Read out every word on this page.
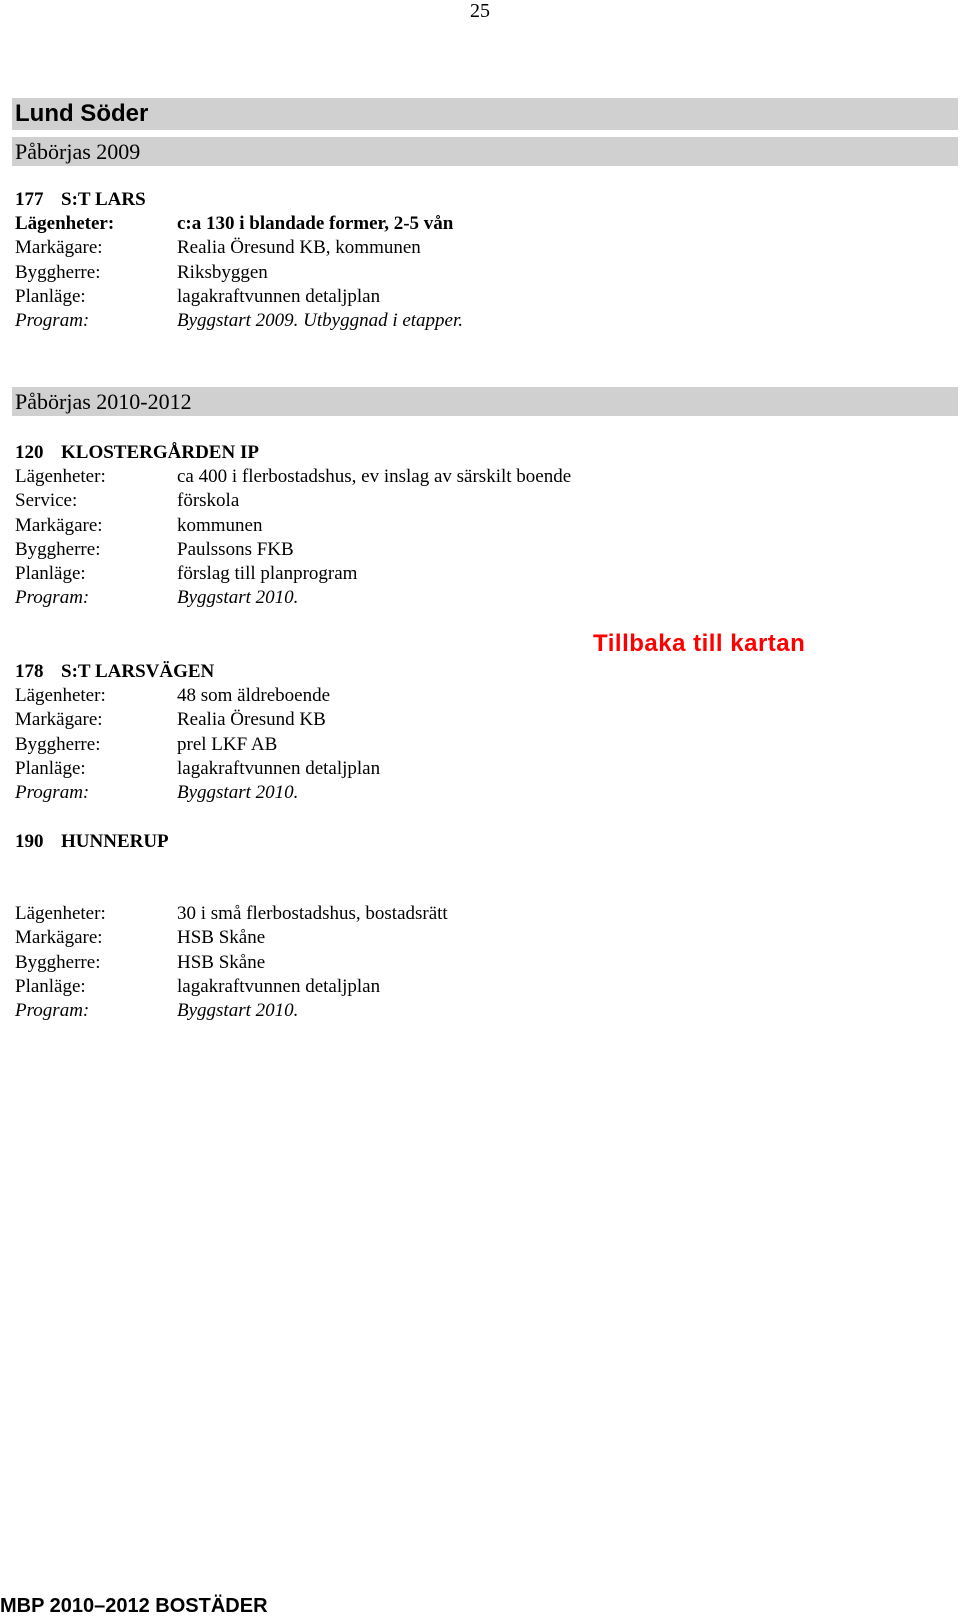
25
Lund Söder
Påbörjas 2009
177 S:T LARS
Lägenheter:	c:a 130 i blandade former, 2-5 vån
Markägare:	Realia Öresund KB, kommunen
Byggherre:	Riksbyggen
Planläge:	lagakraftvunnen detaljplan
Program:	Byggstart 2009. Utbyggnad i etapper.
Påbörjas 2010-2012
120 KLOSTERGÅRDEN IP
Lägenheter:	ca 400 i flerbostadshus, ev inslag av särskilt boende
Service:	förskola
Markägare:	kommunen
Byggherre:	Paulssons FKB
Planläge:	förslag till planprogram
Program:	Byggstart 2010.
Tillbaka till kartan
178 S:T LARSVÄGEN
Lägenheter:	48 som äldreboende
Markägare:	Realia Öresund KB
Byggherre:	prel LKF AB
Planläge:	lagakraftvunnen detaljplan
Program:	Byggstart 2010.
190 HUNNERUP
Lägenheter:	30 i små flerbostadshus, bostadsrätt
Markägare:	HSB Skåne
Byggherre:	HSB Skåne
Planläge:	lagakraftvunnen detaljplan
Program:	Byggstart 2010.
MBP 2010–2012 BOSTÄDER
